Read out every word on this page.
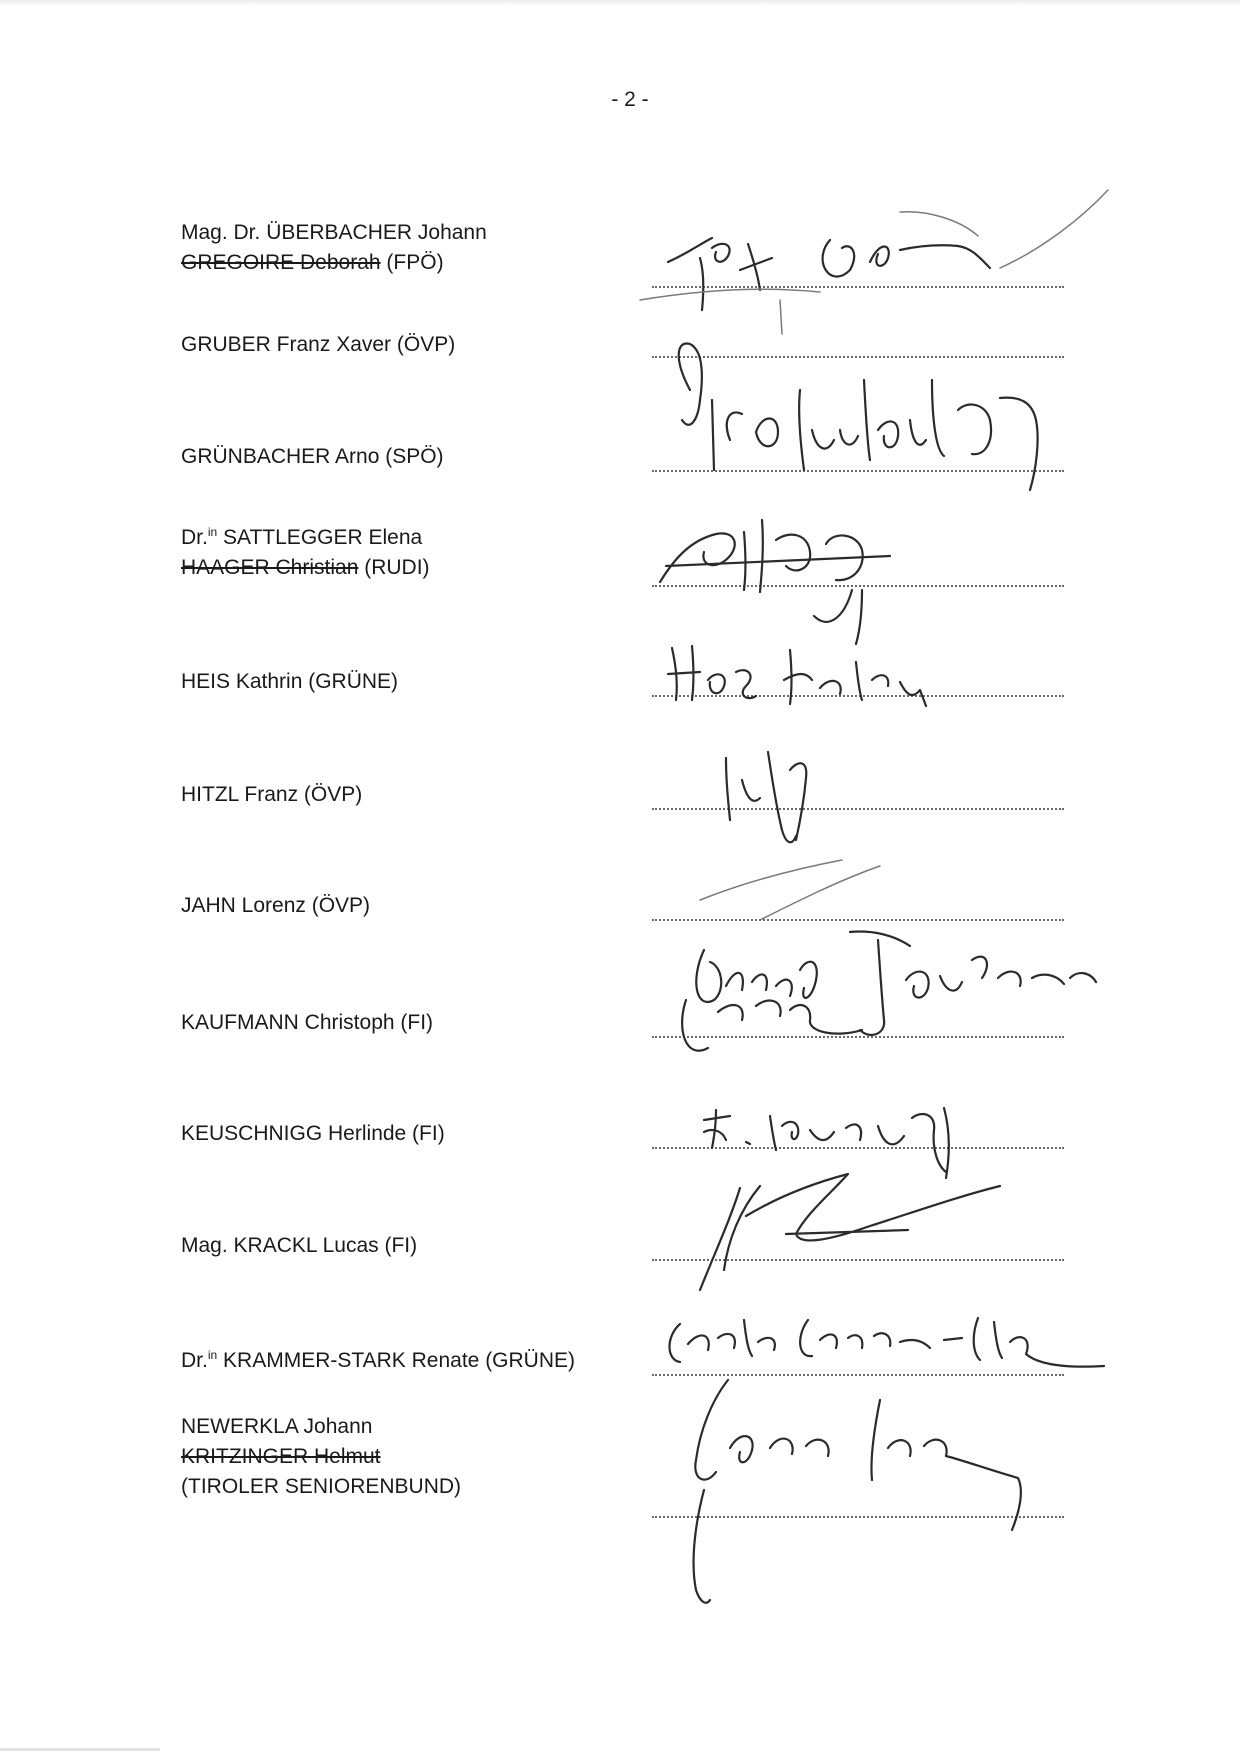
- 2 -
Mag. Dr. ÜBERBACHER Johann
GREGOIRE Deborah (FPÖ)
GRUBER Franz Xaver (ÖVP)
GRÜNBACHER Arno (SPÖ)
Dr.$^{in}$ SATTLEGGER Elena
HAAGER Christian (RUDI)
HEIS Kathrin (GRÜNE)
HITZL Franz (ÖVP)
JAHN Lorenz (ÖVP)
KAUFMANN Christoph (FI)
KEUSCHNIGG Herlinde (FI)
Mag. KRACKL Lucas (FI)
Dr.$^{in}$ KRAMMER-STARK Renate (GRÜNE)
NEWERKLA Johann
KRITZINGER Helmut
(TIROLER SENIORENBUND)
